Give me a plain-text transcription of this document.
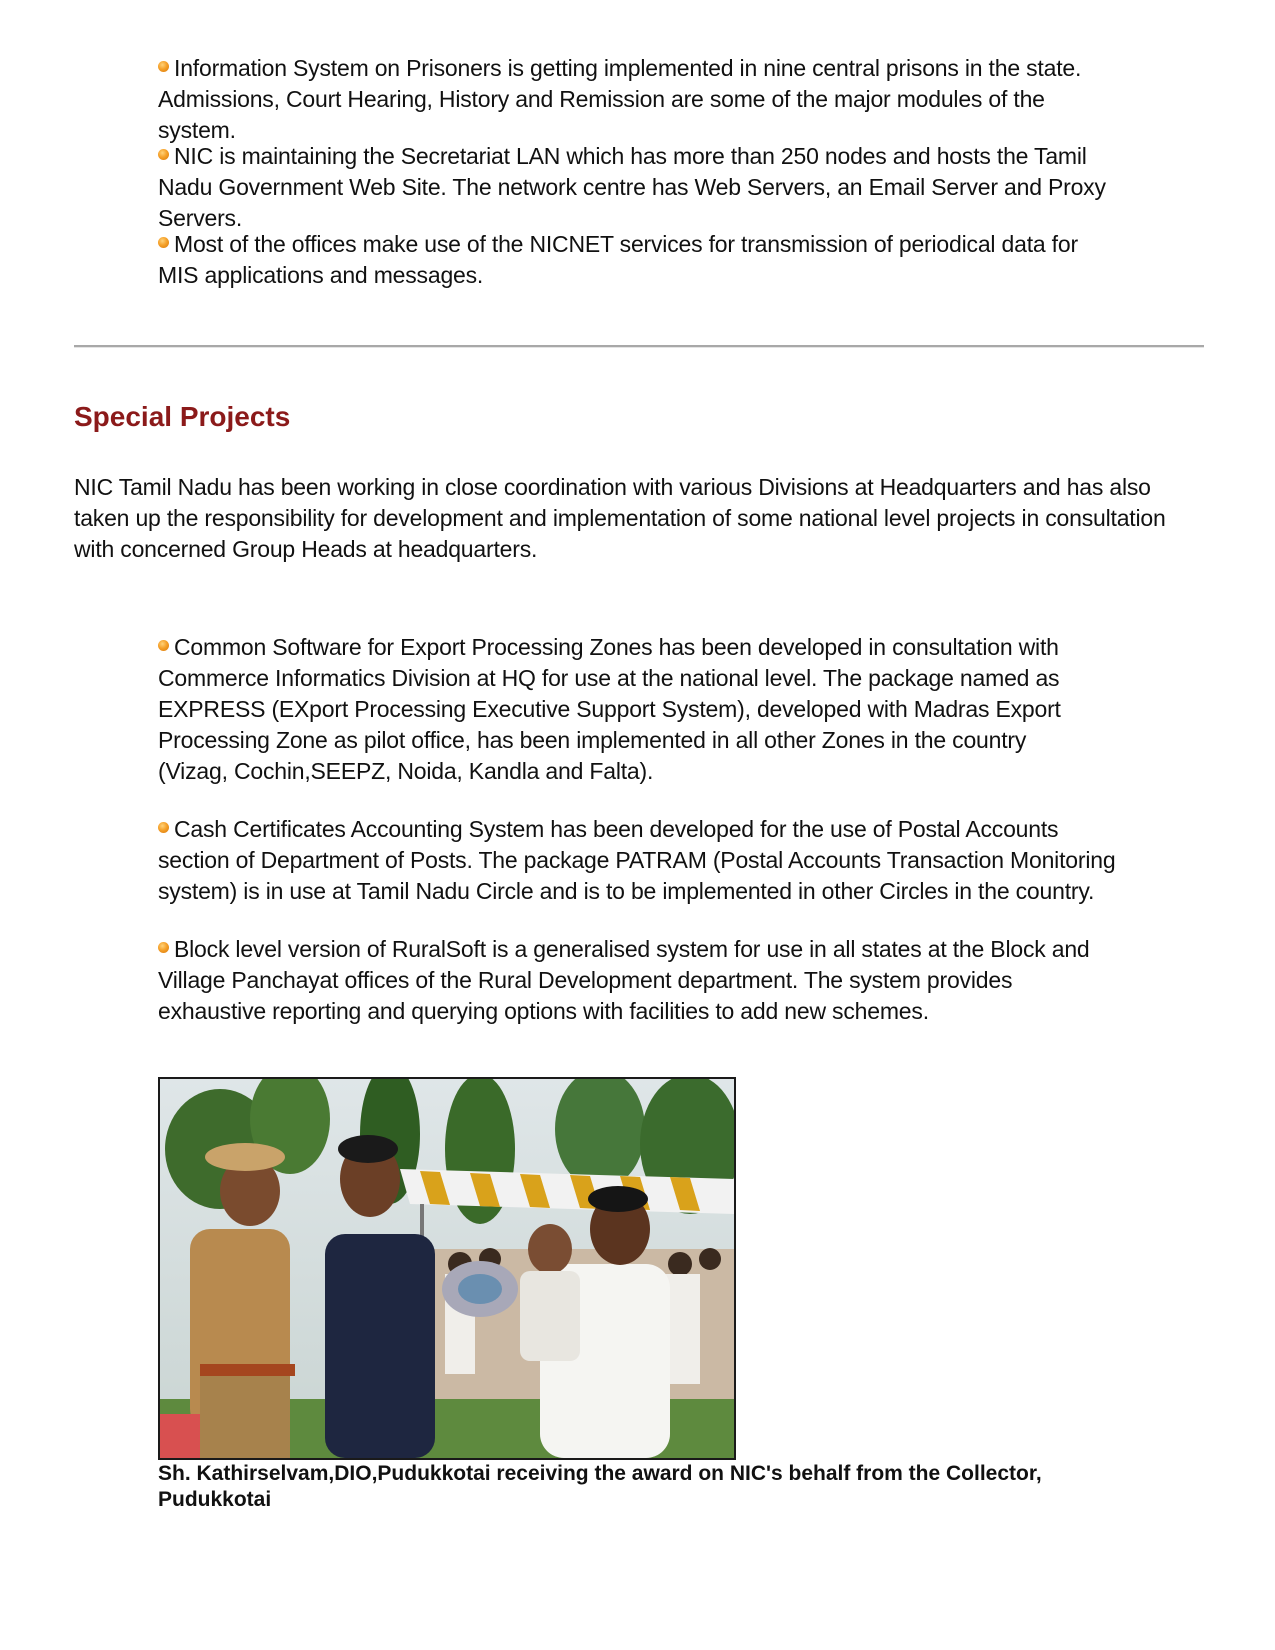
Information System on Prisoners is getting implemented in nine central prisons in the state. Admissions, Court Hearing, History and Remission are some of the major modules of the system.
NIC is maintaining the Secretariat LAN which has more than 250 nodes and hosts the Tamil Nadu Government Web Site. The network centre has Web Servers, an Email Server and Proxy Servers.
Most of the offices make use of the NICNET services for transmission of periodical data for MIS applications and messages.
Special Projects
NIC Tamil Nadu has been working in close coordination with various Divisions at Headquarters and has also taken up the responsibility for development and implementation of some national level projects in consultation with concerned Group Heads at headquarters.
Common Software for Export Processing Zones has been developed in consultation with Commerce Informatics Division at HQ for use at the national level. The package named as EXPRESS (EXport Processing Executive Support System), developed with Madras Export Processing Zone as pilot office, has been implemented in all other Zones in the country (Vizag, Cochin,SEEPZ, Noida, Kandla and Falta).
Cash Certificates Accounting System has been developed for the use of Postal Accounts section of Department of Posts. The package PATRAM (Postal Accounts Transaction Monitoring system) is in use at Tamil Nadu Circle and is to be implemented in other Circles in the country.
Block level version of RuralSoft is a generalised system for use in all states at the Block and Village Panchayat offices of the Rural Development department. The system provides exhaustive reporting and querying options with facilities to add new schemes.
Sh. Kathirselvam,DIO,Pudukkotai receiving the award on NIC's behalf from the Collector, Pudukkotai
